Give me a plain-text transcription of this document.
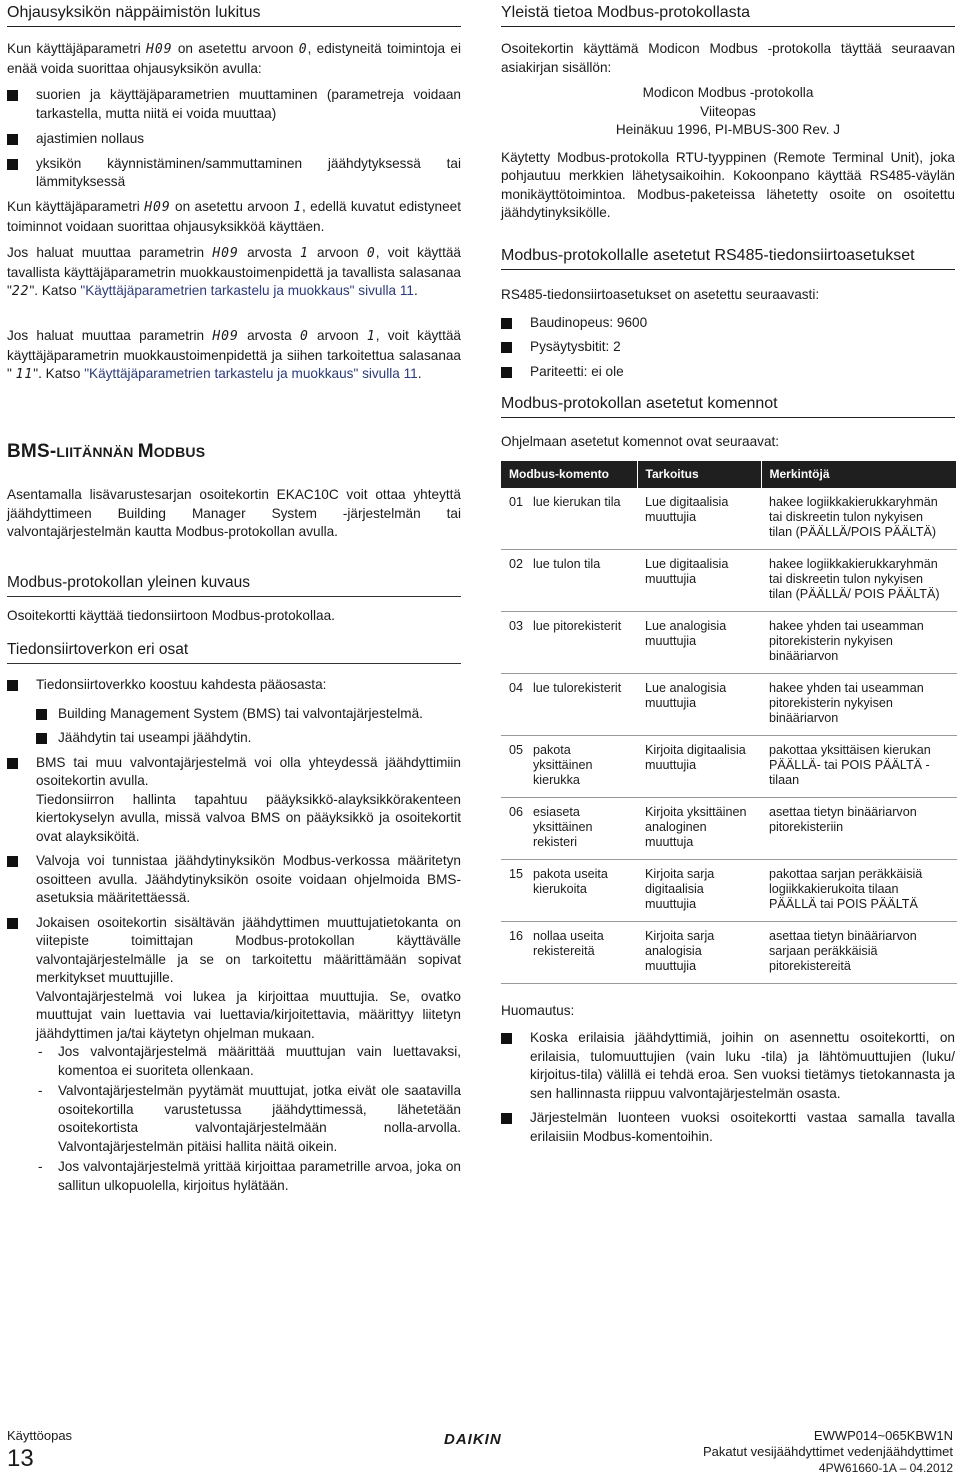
Ohjausyksikön näppäimistön lukitus

Kun käyttäjäparametri H09 on asetettu arvoon 0, edistyneitä toimintoja ei enää voida suorittaa ohjausyksikön avulla:

suorien ja käyttäjäparametrien muuttaminen (parametreja voidaan tarkastella, mutta niitä ei voida muuttaa)
ajastimien nollaus
yksikön käynnistäminen/sammuttaminen jäähdytyksessä tai lämmityksessä

Kun käyttäjäparametri H09 on asetettu arvoon 1, edellä kuvatut edistyneet toiminnot voidaan suorittaa ohjausyksikköä käyttäen.

Jos haluat muuttaa parametrin H09 arvosta 1 arvoon 0, voit käyttää tavallista käyttäjäparametrin muokkaustoimenpidettä ja tavallista salasanaa "22". Katso "Käyttäjäparametrien tarkastelu ja muokkaus" sivulla 11.

Jos haluat muuttaa parametrin H09 arvosta 0 arvoon 1, voit käyttää käyttäjäparametrin muokkaustoimenpidettä ja siihen tarkoitettua salasanaa " 11". Katso "Käyttäjäparametrien tarkastelu ja muokkaus" sivulla 11.

BMS-LIITÄNNÄN MODBUS

Asentamalla lisävarustesarjan osoitekortin EKAC10C voit ottaa yhteyttä jäähdyttimeen Building Manager System -järjestelmän tai valvontajärjestelmän kautta Modbus-protokollan avulla.

Modbus-protokollan yleinen kuvaus

Osoitekortti käyttää tiedonsiirtoon Modbus-protokollaa.

Tiedonsiirtoverkon eri osat
Tiedonsiirtoverkko koostuu kahdesta pääosasta:
Building Management System (BMS) tai valvontajärjestelmä.
Jäähdytin tai useampi jäähdytin.
BMS tai muu valvontajärjestelmä voi olla yhteydessä jäähdyttimiin osoitekortin avulla.
Tiedonsiirron hallinta tapahtuu pääyksikkö-alayksikkörakenteen kiertokyselyn avulla, missä valvoa BMS on pääyksikkö ja osoitekortit ovat alayksiköitä.
Valvoja voi tunnistaa jäähdytinyksikön Modbus-verkossa määritetyn osoitteen avulla. Jäähdytinyksikön osoite voidaan ohjelmoida BMS-asetuksia määritettäessä.
Jokaisen osoitekortin sisältävän jäähdyttimen muuttujatietokanta on viitepiste toimittajan Modbus-protokollan käyttävälle valvontajärjestelmälle ja se on tarkoitettu määrittämään sopivat merkitykset muuttujille.
Valvontajärjestelmä voi lukea ja kirjoittaa muuttujia. Se, ovatko muuttujat vain luettavia vai luettavia/kirjoitettavia, määrittyy liitetyn jäähdyttimen ja/tai käytetyn ohjelman mukaan.
- Jos valvontajärjestelmä määrittää muuttujan vain luettavaksi, komentoa ei suoriteta ollenkaan.
- Valvontajärjestelmän pyytämät muuttujat, jotka eivät ole saatavilla osoitekortilla varustetussa jäähdyttimessä, lähetetään osoitekortista valvontajärjestelmään nolla-arvolla. Valvontajärjestelmän pitäisi hallita näitä oikein.
- Jos valvontajärjestelmä yrittää kirjoittaa parametrille arvoa, joka on sallitun ulkopuolella, kirjoitus hylätään.
Yleistä tietoa Modbus-protokollasta

Osoitekortin käyttämä Modicon Modbus -protokolla täyttää seuraavan asiakirjan sisällön:

Modicon Modbus -protokolla
Viiteopas
Heinäkuu 1996, PI-MBUS-300 Rev. J

Käytetty Modbus-protokolla RTU-tyyppinen (Remote Terminal Unit), joka pohjautuu merkkien lähetysaikoihin. Kokoonpano käyttää RS485-väylän monikäyttötoimintoa. Modbus-paketeissa lähetetty osoite on osoitettu jäähdytinyksikölle.

Modbus-protokollalle asetetut RS485-tiedonsiirtoasetukset

RS485-tiedonsiirtoasetukset on asetettu seuraavasti:

Baudinopeus: 9600
Pysäytysbitit: 2
Pariteetti: ei ole
Modbus-protokollan asetetut komennot

Ohjelmaan asetetut komennot ovat seuraavat:

Modbus-komento		Tarkoitus	Merkintöjä
01	lue kierukan tila	Lue digitaalisia muuttujia	hakee logiikkakierukkaryhmän tai diskreetin tulon nykyisen tilan (PÄÄLLÄ/POIS PÄÄLTÄ)
02	lue tulon tila	Lue digitaalisia muuttujia	hakee logiikkakierukkaryhmän tai diskreetin tulon nykyisen tilan (PÄÄLLÄ/ POIS PÄÄLTÄ)
03	lue pitorekisterit	Lue analogisia muuttujia	hakee yhden tai useamman pitorekisterin nykyisen binääriarvon
04	lue tulorekisterit	Lue analogisia muuttujia	hakee yhden tai useamman pitorekisterin nykyisen binääriarvon
05	pakota yksittäinen kierukka	Kirjoita digitaalisia muuttujia	pakottaa yksittäisen kierukan PÄÄLLÄ- tai POIS PÄÄLTÄ -tilaan
06	esiaseta yksittäinen rekisteri	Kirjoita yksittäinen analoginen muuttuja	asettaa tietyn binääriarvon pitorekisteriin
15	pakota useita kierukoita	Kirjoita sarja digitaalisia muuttujia	pakottaa sarjan peräkkäisiä logiikkakierukoita tilaan PÄÄLLÄ tai POIS PÄÄLTÄ
16	nollaa useita rekistereitä	Kirjoita sarja analogisia muuttujia	asettaa tietyn binääriarvon sarjaan peräkkäisiä pitorekistereitä
Huomautus:
Koska erilaisia jäähdyttimiä, joihin on asennettu osoitekortti, on erilaisia, tulomuuttujien (vain luku -tila) ja lähtömuuttujien (luku/ kirjoitus-tila) välillä ei tehdä eroa. Sen vuoksi tietämys tietokannasta ja sen hallinnasta riippuu valvontajärjestelmän osasta.
Järjestelmän luonteen vuoksi osoitekortti vastaa samalla tavalla erilaisiin Modbus-komentoihin.
Käyttöopas
13
DAIKIN	EWWP014~065KBW1N
Pakatut vesijäähdyttimet vedenjäähdyttimet
4PW61660-1A – 04.2012
